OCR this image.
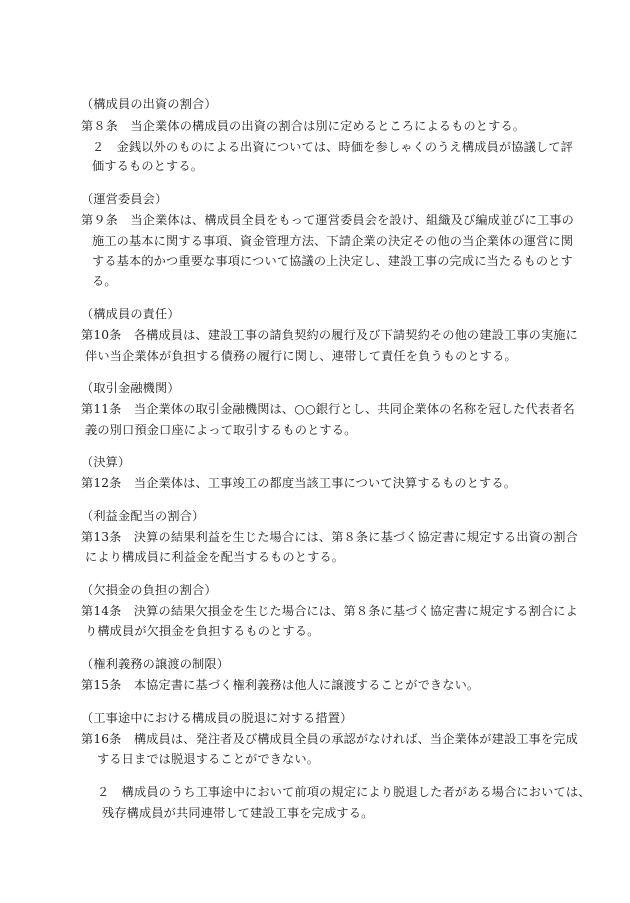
（構成員の出資の割合）
第８条　当企業体の構成員の出資の割合は別に定めるところによるものとする。
２　金銭以外のものによる出資については、時価を参しゃくのうえ構成員が協議して評
価するものとする。
（運営委員会）
第９条　当企業体は、構成員全員をもって運営委員会を設け、組織及び編成並びに工事の
施工の基本に関する事項、資金管理方法、下請企業の決定その他の当企業体の運営に関
する基本的かつ重要な事項について協議の上決定し、建設工事の完成に当たるものとす
る。
（構成員の責任）
第10条　各構成員は、建設工事の請負契約の履行及び下請契約その他の建設工事の実施に
伴い当企業体が負担する債務の履行に関し、連帯して責任を負うものとする。
（取引金融機関）
第11条　当企業体の取引金融機関は、○○銀行とし、共同企業体の名称を冠した代表者名
義の別口預金口座によって取引するものとする。
（決算）
第12条　当企業体は、工事竣工の都度当該工事について決算するものとする。
（利益金配当の割合）
第13条　決算の結果利益を生じた場合には、第８条に基づく協定書に規定する出資の割合
により構成員に利益金を配当するものとする。
（欠損金の負担の割合）
第14条　決算の結果欠損金を生じた場合には、第８条に基づく協定書に規定する割合によ
り構成員が欠損金を負担するものとする。
（権利義務の譲渡の制限）
第15条　本協定書に基づく権利義務は他人に譲渡することができない。
（工事途中における構成員の脱退に対する措置）
第16条　構成員は、発注者及び構成員全員の承認がなければ、当企業体が建設工事を完成
する日までは脱退することができない。
２　構成員のうち工事途中において前項の規定により脱退した者がある場合においては、
残存構成員が共同連帯して建設工事を完成する。
